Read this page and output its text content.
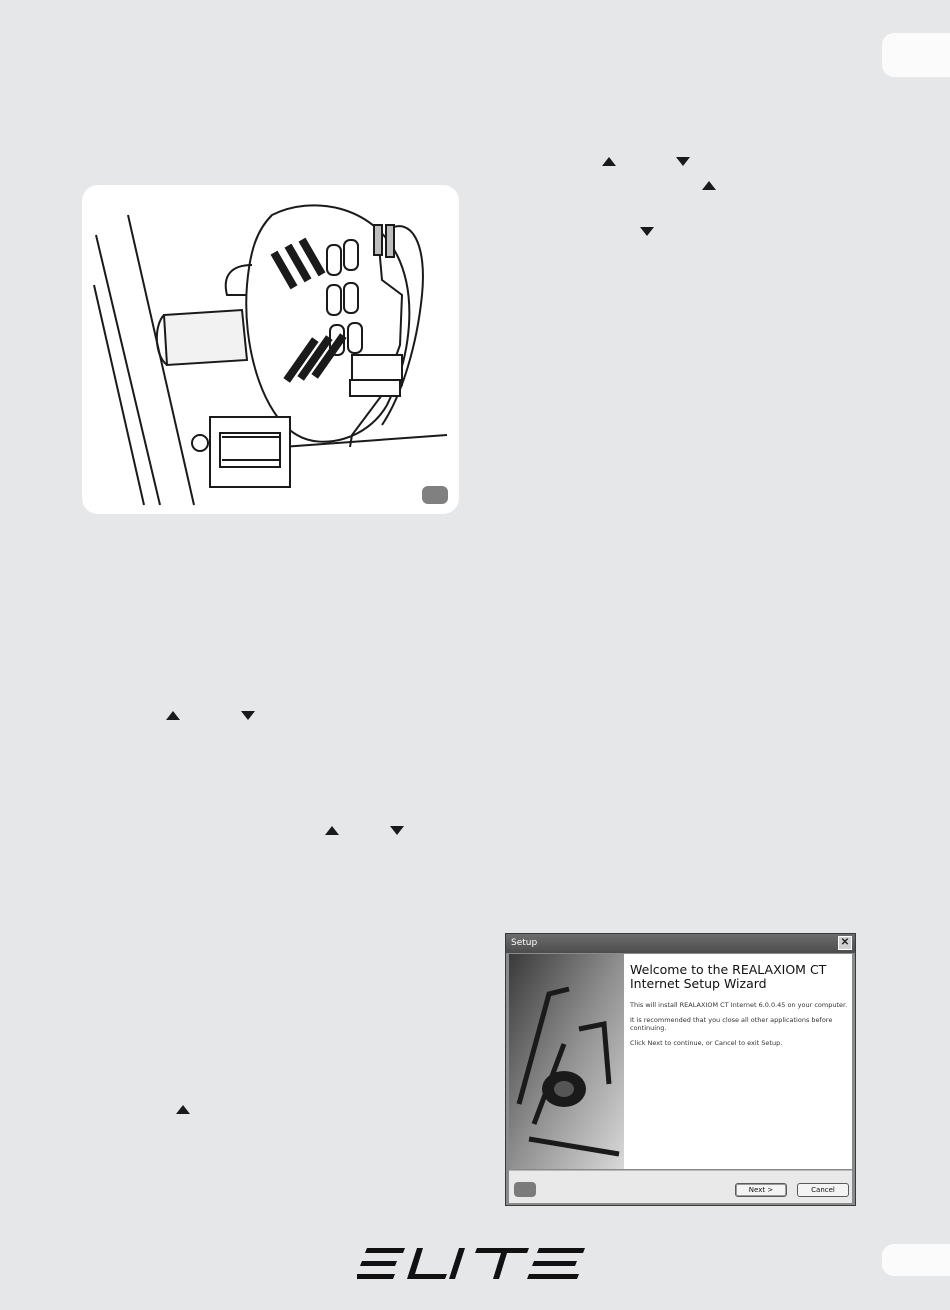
Setup	✕

Welcome to the REALAXIOM CT Internet Setup Wizard

This will install REALAXIOM CT Internet 6.0.0.45 on your computer.

It is recommended that you close all other applications before continuing.

Click Next to continue, or Cancel to exit Setup.

Next >	Cancel
